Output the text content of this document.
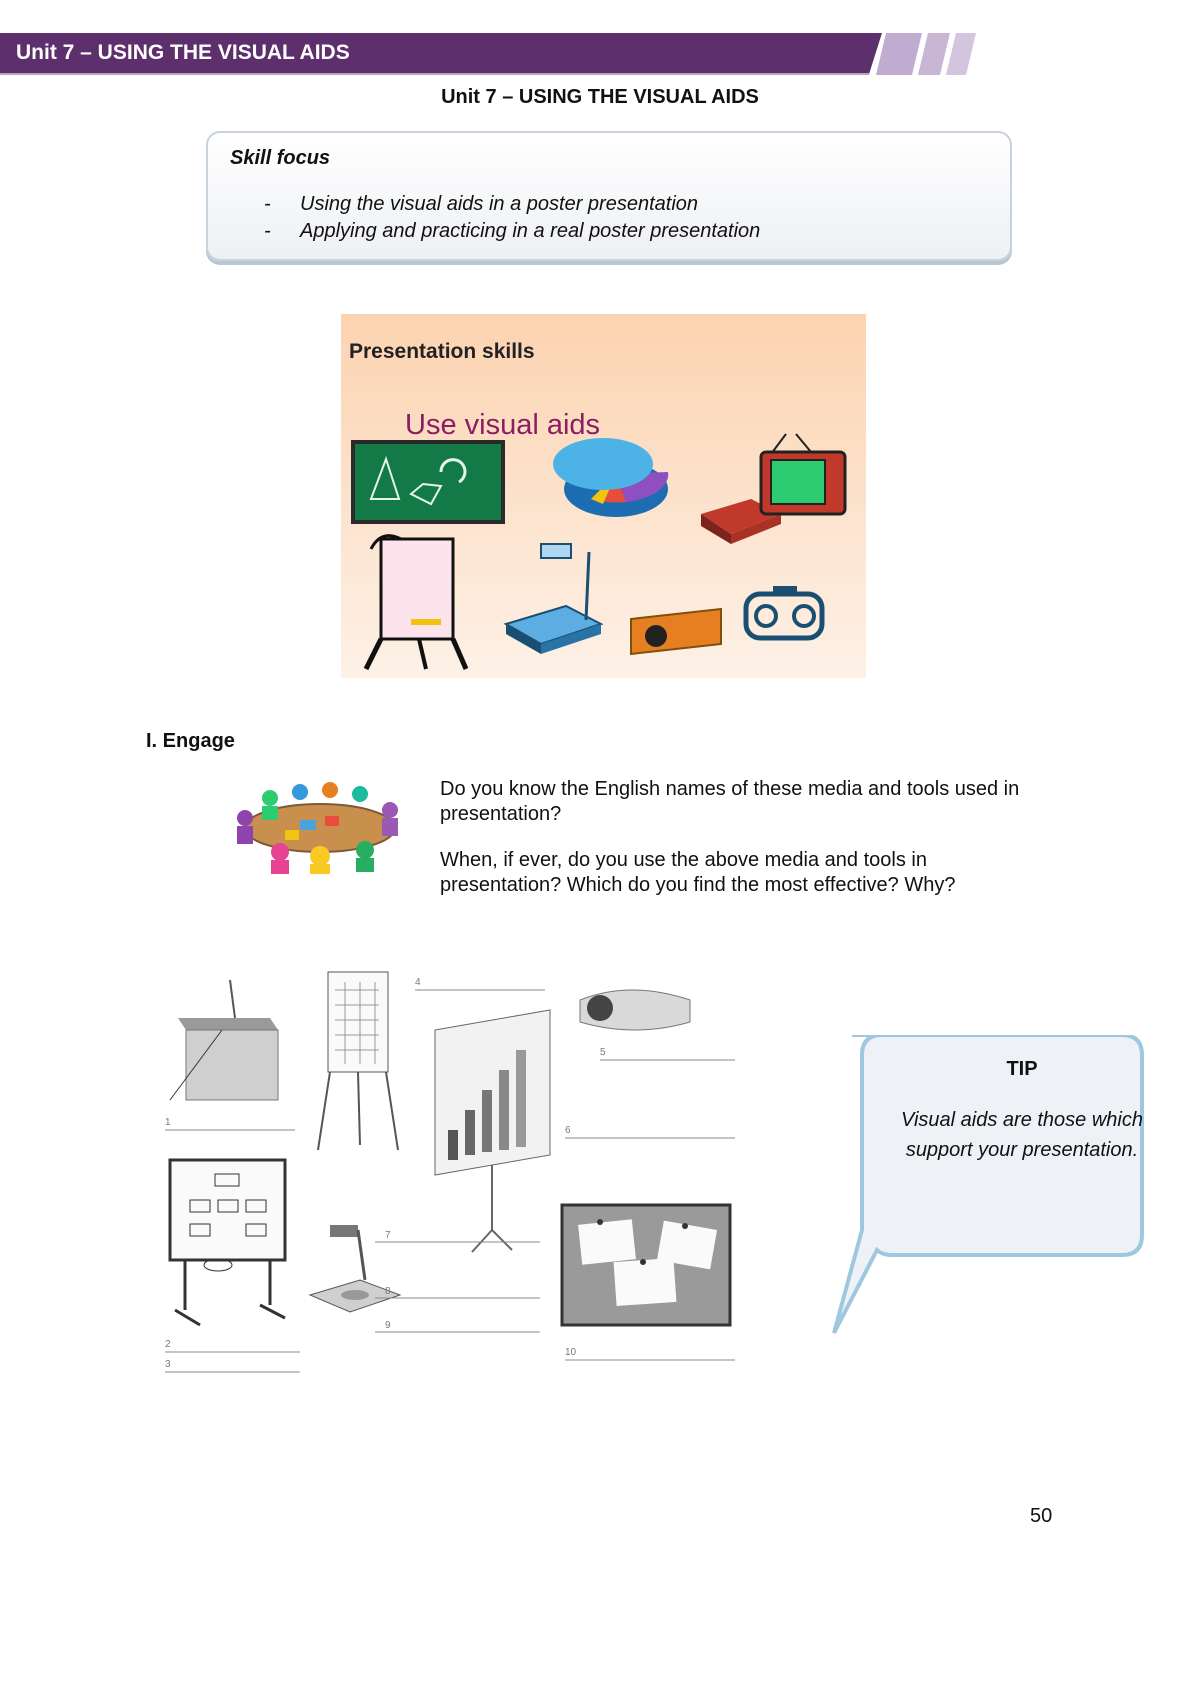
Unit 7 – USING THE VISUAL AIDS
Unit 7 – USING THE VISUAL AIDS
Skill focus
- Using the visual aids in a poster presentation
- Applying and practicing in a real poster presentation
Presentation skills
Use visual aids
I. Engage
Do you know the English names of these media and tools used in presentation?
When, if ever, do you use the above media and tools in presentation? Which do you find the most effective? Why?
1
4
5
6
2
3
7
8
9
10
TIP
Visual aids are those which support your presentation.
50
